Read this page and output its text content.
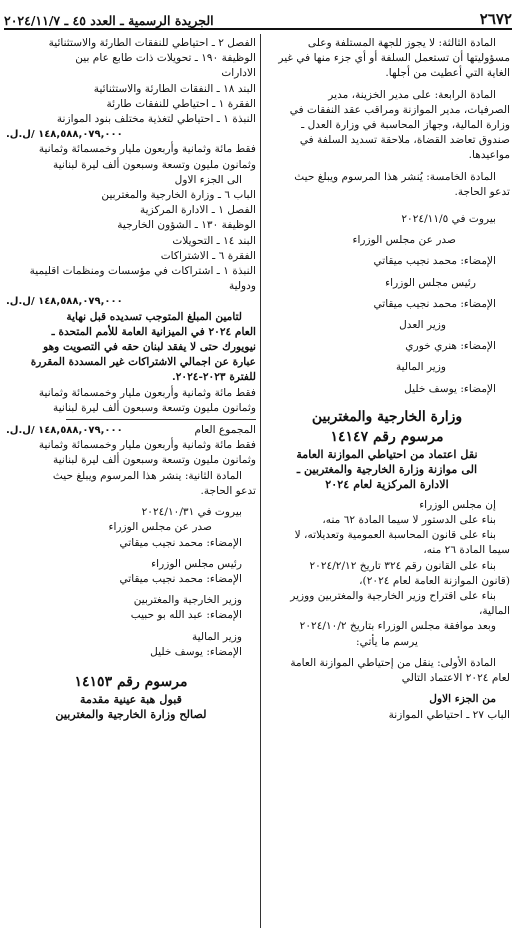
٢٦٧٢
الجريدة الرسمية ـ العدد ٤٥ ـ ٢٠٢٤/١١/٧

المادة الثالثة: لا يجوز للجهة المستلفة وعلى

مسؤوليتها أن تستعمل السلفة أو أي جزء منها في غير

الغاية التي أعطيت من أجلها.

المادة الرابعة: على مدير الخزينة، مدير

الصرفيات، مدير الموازنة ومراقب عقد النفقات في

وزارة المالية، وجهاز المحاسبة في وزارة العدل ـ

صندوق تعاضد القضاة، ملاحقة تسديد السلفة في

مواعيدها.

المادة الخامسة: يُنشر هذا المرسوم ويبلغ حيث

تدعو الحاجة.

بيروت في ٢٠٢٤/١١/٥

صدر عن مجلس الوزراء

الإمضاء: محمد نجيب ميقاتي

رئيس مجلس الوزراء

الإمضاء: محمد نجيب ميقاتي

وزير العدل

الإمضاء: هنري خوري

وزير المالية

الإمضاء: يوسف خليل

وزارة الخارجية والمغتربين
مرسوم رقم ١٤١٤٧

نقل اعتماد من احتياطي الموازنة العامة

الى موازنة وزارة الخارجية والمغتربين ـ

الادارة المركزية لعام ٢٠٢٤

إن مجلس الوزراء

بناء على الدستور لا سيما المادة ٦٢ منه،

بناء على قانون المحاسبة العمومية وتعديلاته، لا

سيما المادة ٢٦ منه،

بناء على القانون رقم ٣٢٤ تاريخ ٢٠٢٤/٢/١٢

(قانون الموازنة العامة لعام ٢٠٢٤)،

بناء على اقتراح وزير الخارجية والمغتربين ووزير

المالية،

وبعد موافقة مجلس الوزراء بتاريخ ٢٠٢٤/١٠/٢

يرسم ما يأتي:

المادة الأولى: ينقل من إحتياطي الموازنة العامة

لعام ٢٠٢٤ الاعتماد التالي

من الجزء الاول

الباب ٢٧ ـ احتياطي الموازنة

الفصل ٢ ـ احتياطي للنفقات الطارئة والاستثنائية

الوظيفة ١٩٠ ـ تحويلات ذات طابع عام بين

الادارات

البند ١٨ ـ النفقات الطارئة والاستثنائية

الفقرة ١ ـ احتياطي للنفقات طارئة

النبذة ١ ـ احتياطي لتغذية مختلف بنود الموازنة

١٤٨,٥٨٨,٠٧٩,٠٠٠ /ل.ل.

فقط مائة وثمانية وأربعون مليار وخمسمائة وثمانية

وثمانون مليون وتسعة وسبعون ألف ليرة لبنانية

الى الجزء الاول

الباب ٦ ـ وزارة الخارجية والمغتربين

الفصل ١ ـ الادارة المركزية

الوظيفة ١٣٠ ـ الشؤون الخارجية

البند ١٤ ـ التحويلات

الفقرة ٦ ـ الاشتراكات

النبذة ١ ـ اشتراكات في مؤسسات ومنظمات اقليمية

ودولية

١٤٨,٥٨٨,٠٧٩,٠٠٠ /ل.ل.

لتامين المبلغ المتوجب تسديده قبل نهاية

العام ٢٠٢٤ في الميزانية العامة للأمم المتحدة ـ

نيويورك حتى لا يفقد لبنان حقه في التصويت وهو

عبارة عن اجمالي الاشتراكات غير المسددة المقررة

للفترة ٢٠٢٣-٢٠٢٤.

فقط مائة وثمانية وأربعون مليار وخمسمائة وثمانية

وثمانون مليون وتسعة وسبعون ألف ليرة لبنانية

المجموع العام
١٤٨,٥٨٨,٠٧٩,٠٠٠ /ل.ل.

فقط مائة وثمانية وأربعون مليار وخمسمائة وثمانية

وثمانون مليون وتسعة وسبعون ألف ليرة لبنانية

المادة الثانية: ينشر هذا المرسوم ويبلغ حيث

تدعو الحاجة.

بيروت في ٢٠٢٤/١٠/٣١

صدر عن مجلس الوزراء

الإمضاء: محمد نجيب ميقاتي

رئيس مجلس الوزراء

الإمضاء: محمد نجيب ميقاتي

وزير الخارجية والمغتربين

الإمضاء: عبد الله بو حبيب

وزير المالية

الإمضاء: يوسف خليل

مرسوم رقم ١٤١٥٣

قبول هبة عينية مقدمة

لصالح وزارة الخارجية والمغتربين
